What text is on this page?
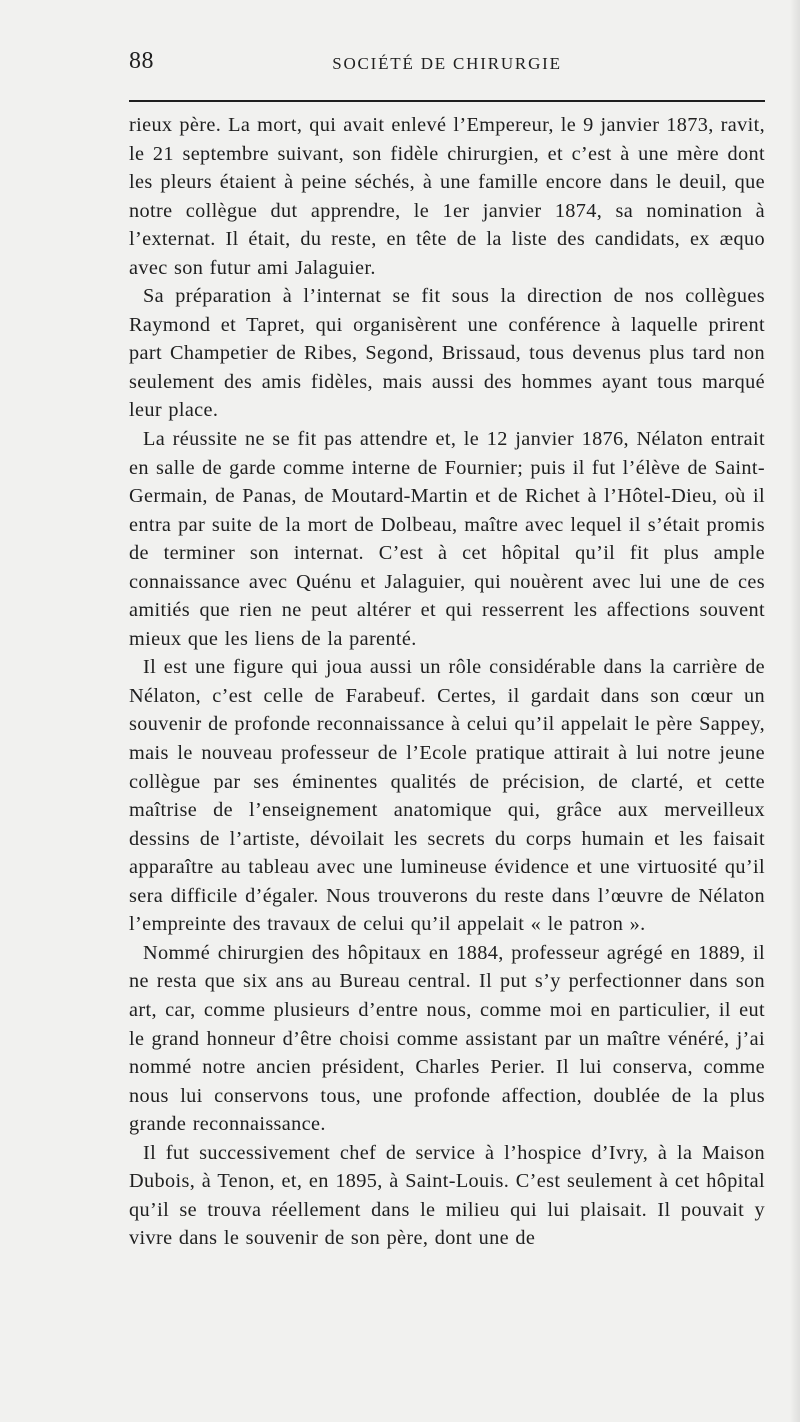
88	SOCIÉTÉ DE CHIRURGIE

rieux père. La mort, qui avait enlevé l’Empereur, le 9 janvier 1873, ravit, le 21 septembre suivant, son fidèle chirurgien, et c’est à une mère dont les pleurs étaient à peine séchés, à une famille encore dans le deuil, que notre collègue dut apprendre, le 1er janvier 1874, sa nomination à l’externat. Il était, du reste, en tête de la liste des candidats, ex æquo avec son futur ami Jalaguier.

Sa préparation à l’internat se fit sous la direction de nos collègues Raymond et Tapret, qui organisèrent une conférence à laquelle prirent part Champetier de Ribes, Segond, Brissaud, tous devenus plus tard non seulement des amis fidèles, mais aussi des hommes ayant tous marqué leur place.

La réussite ne se fit pas attendre et, le 12 janvier 1876, Nélaton entrait en salle de garde comme interne de Fournier; puis il fut l’élève de Saint-Germain, de Panas, de Moutard-Martin et de Richet à l’Hôtel-Dieu, où il entra par suite de la mort de Dolbeau, maître avec lequel il s’était promis de terminer son internat. C’est à cet hôpital qu’il fit plus ample connaissance avec Quénu et Jalaguier, qui nouèrent avec lui une de ces amitiés que rien ne peut altérer et qui resserrent les affections souvent mieux que les liens de la parenté.

Il est une figure qui joua aussi un rôle considérable dans la carrière de Nélaton, c’est celle de Farabeuf. Certes, il gardait dans son cœur un souvenir de profonde reconnaissance à celui qu’il appelait le père Sappey, mais le nouveau professeur de l’Ecole pratique attirait à lui notre jeune collègue par ses éminentes qualités de précision, de clarté, et cette maîtrise de l’enseignement anatomique qui, grâce aux merveilleux dessins de l’artiste, dévoilait les secrets du corps humain et les faisait apparaître au tableau avec une lumineuse évidence et une virtuosité qu’il sera difficile d’égaler. Nous trouverons du reste dans l’œuvre de Nélaton l’empreinte des travaux de celui qu’il appelait « le patron ».

Nommé chirurgien des hôpitaux en 1884, professeur agrégé en 1889, il ne resta que six ans au Bureau central. Il put s’y perfectionner dans son art, car, comme plusieurs d’entre nous, comme moi en particulier, il eut le grand honneur d’être choisi comme assistant par un maître vénéré, j’ai nommé notre ancien président, Charles Perier. Il lui conserva, comme nous lui conservons tous, une profonde affection, doublée de la plus grande reconnaissance.

Il fut successivement chef de service à l’hospice d’Ivry, à la Maison Dubois, à Tenon, et, en 1895, à Saint-Louis. C’est seulement à cet hôpital qu’il se trouva réellement dans le milieu qui lui plaisait. Il pouvait y vivre dans le souvenir de son père, dont une de
